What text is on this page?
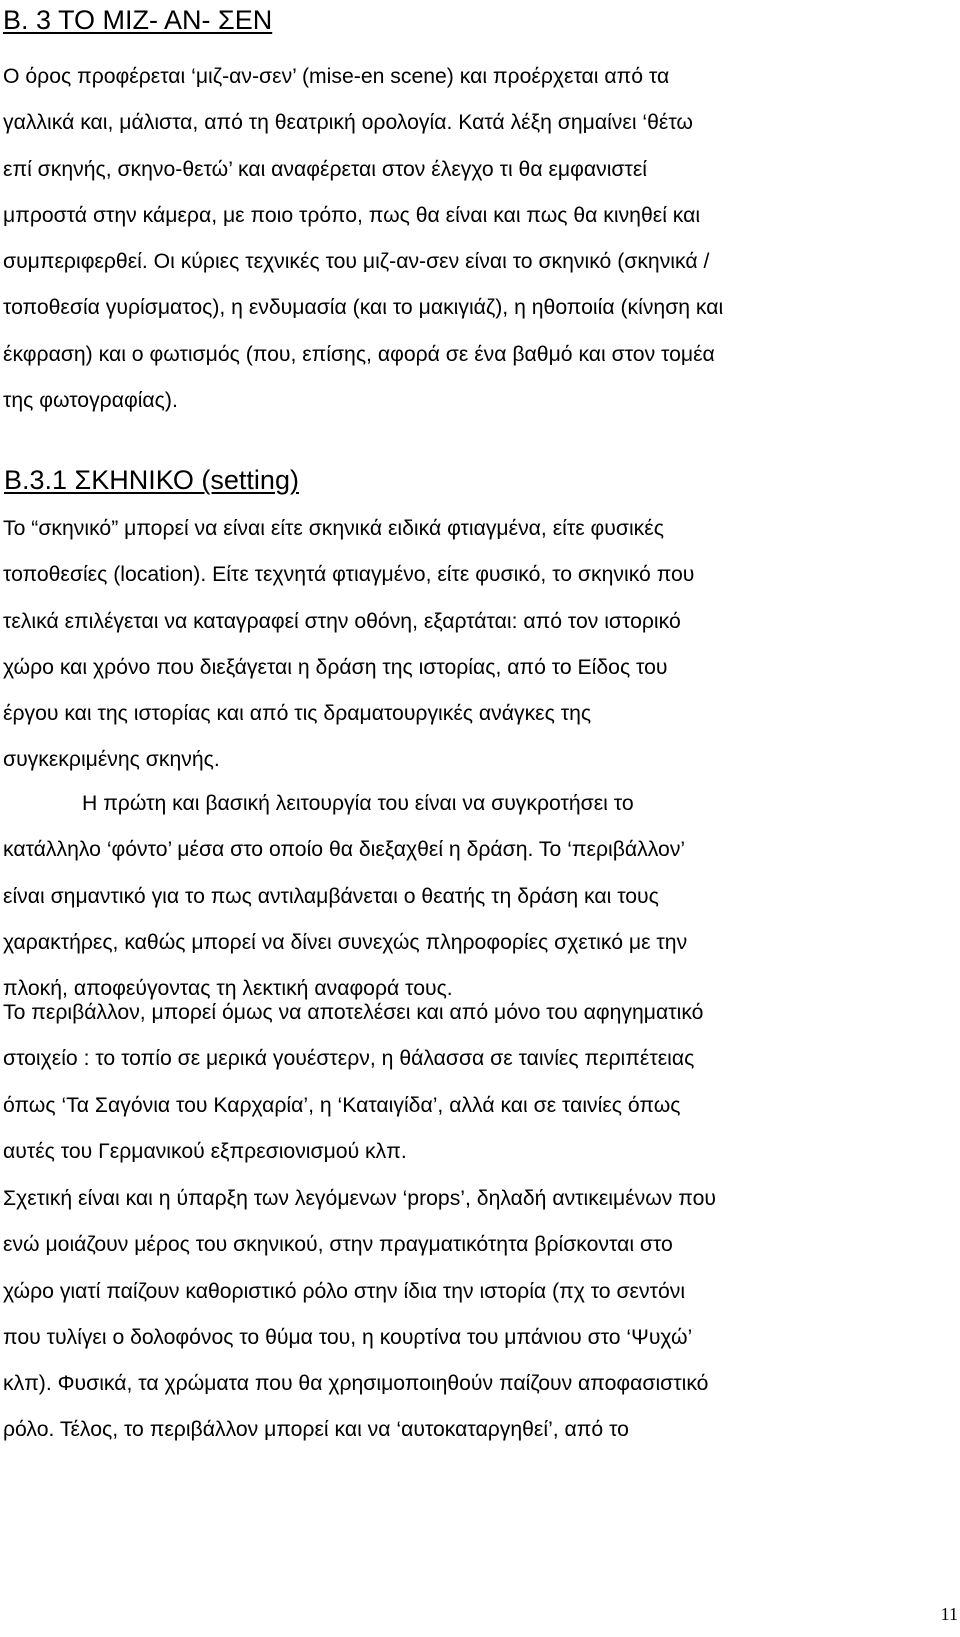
Β. 3 ΤΟ ΜΙΖ- ΑΝ- ΣΕΝ

Ο όρος προφέρεται ‘μιζ-αν-σεν’ (mise-en scene) και προέρχεται από τα
γαλλικά και, μάλιστα, από τη θεατρική ορολογία. Κατά λέξη σημαίνει ‘θέτω
επί σκηνής, σκηνο-θετώ’ και αναφέρεται στον έλεγχο τι θα εμφανιστεί
μπροστά στην κάμερα, με ποιο τρόπο, πως θα είναι και πως θα κινηθεί και
συμπεριφερθεί. Οι κύριες τεχνικές του μιζ-αν-σεν είναι το σκηνικό (σκηνικά /
τοποθεσία γυρίσματος), η ενδυμασία (και το μακιγιάζ), η ηθοποιία (κίνηση και
έκφραση) και ο φωτισμός (που, επίσης, αφορά σε ένα βαθμό και στον τομέα
της φωτογραφίας).

Β.3.1 ΣΚΗΝΙΚΟ (setting)

Το “σκηνικό” μπορεί να είναι είτε σκηνικά ειδικά φτιαγμένα, είτε φυσικές
τοποθεσίες (location). Είτε τεχνητά φτιαγμένο, είτε φυσικό, το σκηνικό που
τελικά επιλέγεται να καταγραφεί στην οθόνη, εξαρτάται: από τον ιστορικό
χώρο και χρόνο που διεξάγεται η δράση της ιστορίας, από το Είδος του
έργου και της ιστορίας και από τις δραματουργικές ανάγκες της
συγκεκριμένης σκηνής.

Η πρώτη και βασική λειτουργία του είναι να συγκροτήσει το
κατάλληλο ‘φόντο’ μέσα στο οποίο θα διεξαχθεί η δράση. Το ‘περιβάλλον’
είναι σημαντικό για το πως αντιλαμβάνεται ο θεατής τη δράση και τους
χαρακτήρες, καθώς μπορεί να δίνει συνεχώς πληροφορίες σχετικό με την
πλοκή, αποφεύγοντας τη λεκτική αναφορά τους.

Το περιβάλλον, μπορεί όμως να αποτελέσει και από μόνο του αφηγηματικό
στοιχείο : το τοπίο σε μερικά γουέστερν, η θάλασσα σε ταινίες περιπέτειας
όπως ‘Τα Σαγόνια του Καρχαρία’, η ‘Καταιγίδα’, αλλά και σε ταινίες όπως
αυτές του Γερμανικού εξπρεσιονισμού κλπ.

Σχετική είναι και η ύπαρξη των λεγόμενων ‘props’, δηλαδή αντικειμένων που
ενώ μοιάζουν μέρος του σκηνικού, στην πραγματικότητα βρίσκονται στο
χώρο γιατί παίζουν καθοριστικό ρόλο στην ίδια την ιστορία (πχ το σεντόνι
που τυλίγει ο δολοφόνος το θύμα του, η κουρτίνα του μπάνιου στο ‘Ψυχώ’
κλπ). Φυσικά, τα χρώματα που θα χρησιμοποιηθούν παίζουν αποφασιστικό
ρόλο. Τέλος, το περιβάλλον μπορεί και να ‘αυτοκαταργηθεί’, από το

11
